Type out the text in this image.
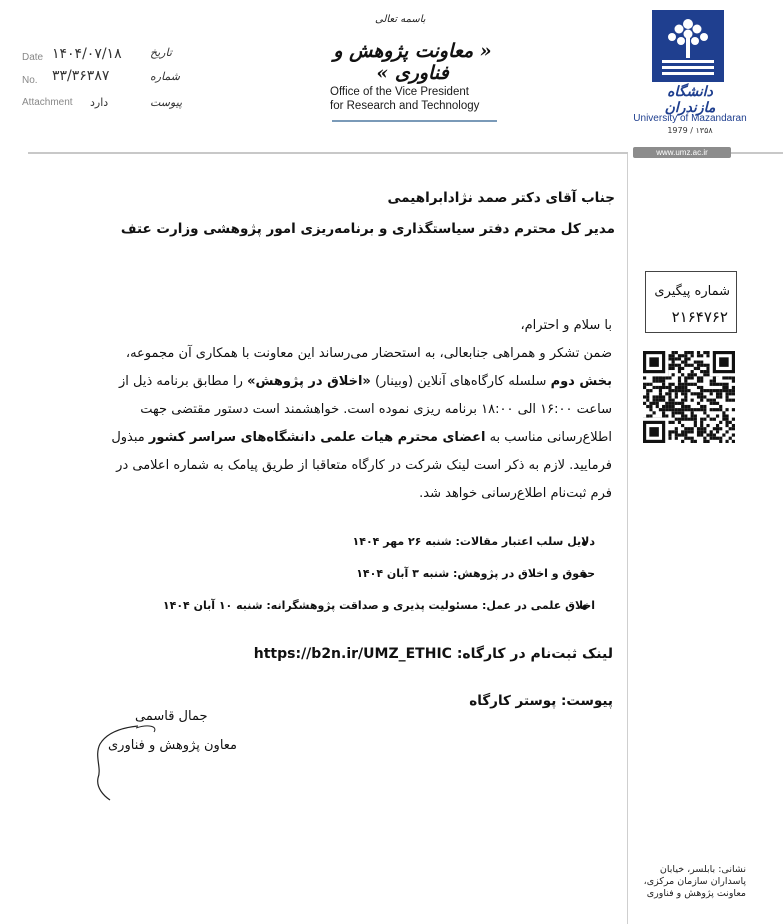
Date ۱۴۰۴/۰۷/۱۸	تاریخ
No. ۳۳/۳۶۳۸۷	شماره
Attachment دارد	پیوست
باسمه تعالی
« معاونت پژوهش و فناوری »
Office of the Vice President
for Research and Technology
دانشگاه مازندران
University of Mazandaran
1979 / ۱۳۵۸
www.umz.ac.ir
جناب آقای دکتر صمد نژادابراهیمی
مدیر کل محترم دفتر سیاستگذاری و برنامه‌ریزی امور پژوهشی وزارت عتف
شماره پیگیری
۲۱۶۴۷۶۲
با سلام و احترام،
ضمن تشکر و همراهی جنابعالی، به استحضار می‌رساند این معاونت با همکاری آن مجموعه،
بخش دوم سلسله کارگاه‌های آنلاین (وبینار) «اخلاق در پژوهش» را مطابق برنامه ذیل از
ساعت ۱۶:۰۰ الی ۱۸:۰۰ برنامه ریزی نموده است. خواهشمند است دستور مقتضی جهت
اطلاع‌رسانی مناسب به اعضای محترم هیات علمی دانشگاه‌های سراسر کشور مبذول
فرمایید. لازم به ذکر است لینک شرکت در کارگاه متعاقبا از طریق پیامک به شماره اعلامی در
فرم ثبت‌نام اطلاع‌رسانی خواهد شد.
دلایل سلب اعتبار مقالات: شنبه ۲۶ مهر ۱۴۰۴
حقوق و اخلاق در پژوهش: شنبه ۳ آبان ۱۴۰۴
اخلاق علمی در عمل: مسئولیت پذیری و صداقت پژوهشگرانه: شنبه ۱۰ آبان ۱۴۰۴
لینک ثبت‌نام در کارگاه: https://b2n.ir/UMZ_ETHIC
پیوست: پوستر کارگاه
جمال قاسمی
معاون پژوهش و فناوری
نشانی: بابلسر، خیابان پاسداران سازمان مرکزی، معاونت پژوهش و فناوری
